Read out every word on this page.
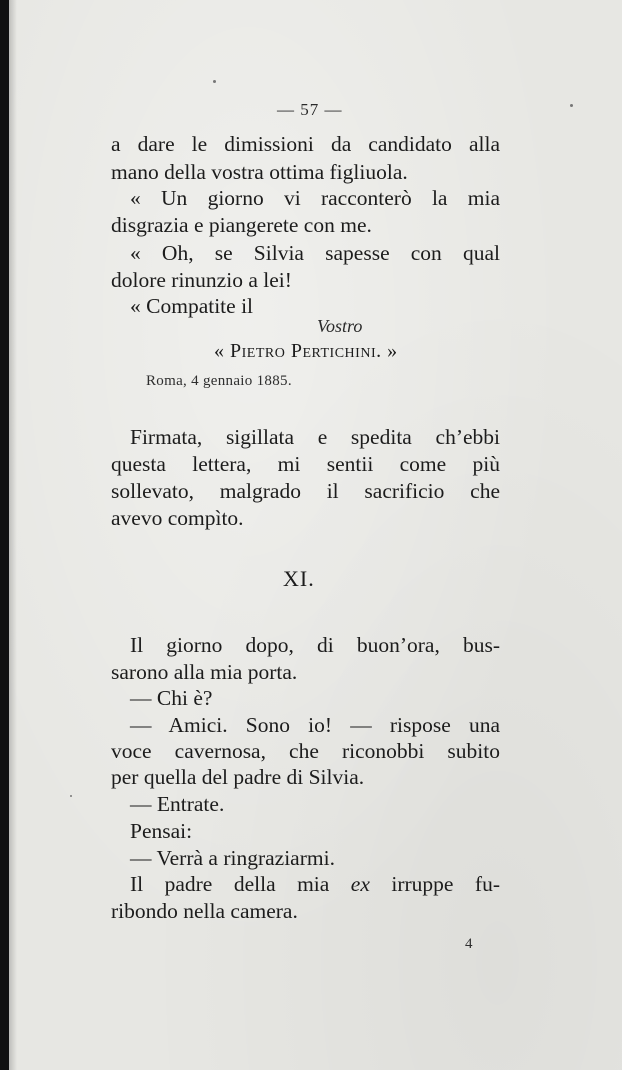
— 57 —
a dare le dimissioni da candidato alla
mano della vostra ottima figliuola.
« Un giorno vi racconterò la mia
disgrazia e piangerete con me.
« Oh, se Silvia sapesse con qual
dolore rinunzio a lei!
« Compatite il
Vostro
« Pietro Pertichini. »
Roma, 4 gennaio 1885.
Firmata, sigillata e spedita ch’ebbi
questa lettera, mi sentii come più
sollevato, malgrado il sacrificio che
avevo compìto.
XI.
Il giorno dopo, di buon’ora, bus-
sarono alla mia porta.
— Chi è?
— Amici. Sono io! — rispose una
voce cavernosa, che riconobbi subito
per quella del padre di Silvia.
— Entrate.
Pensai:
— Verrà a ringraziarmi.
Il padre della mia ex irruppe fu-
ribondo nella camera.
4
